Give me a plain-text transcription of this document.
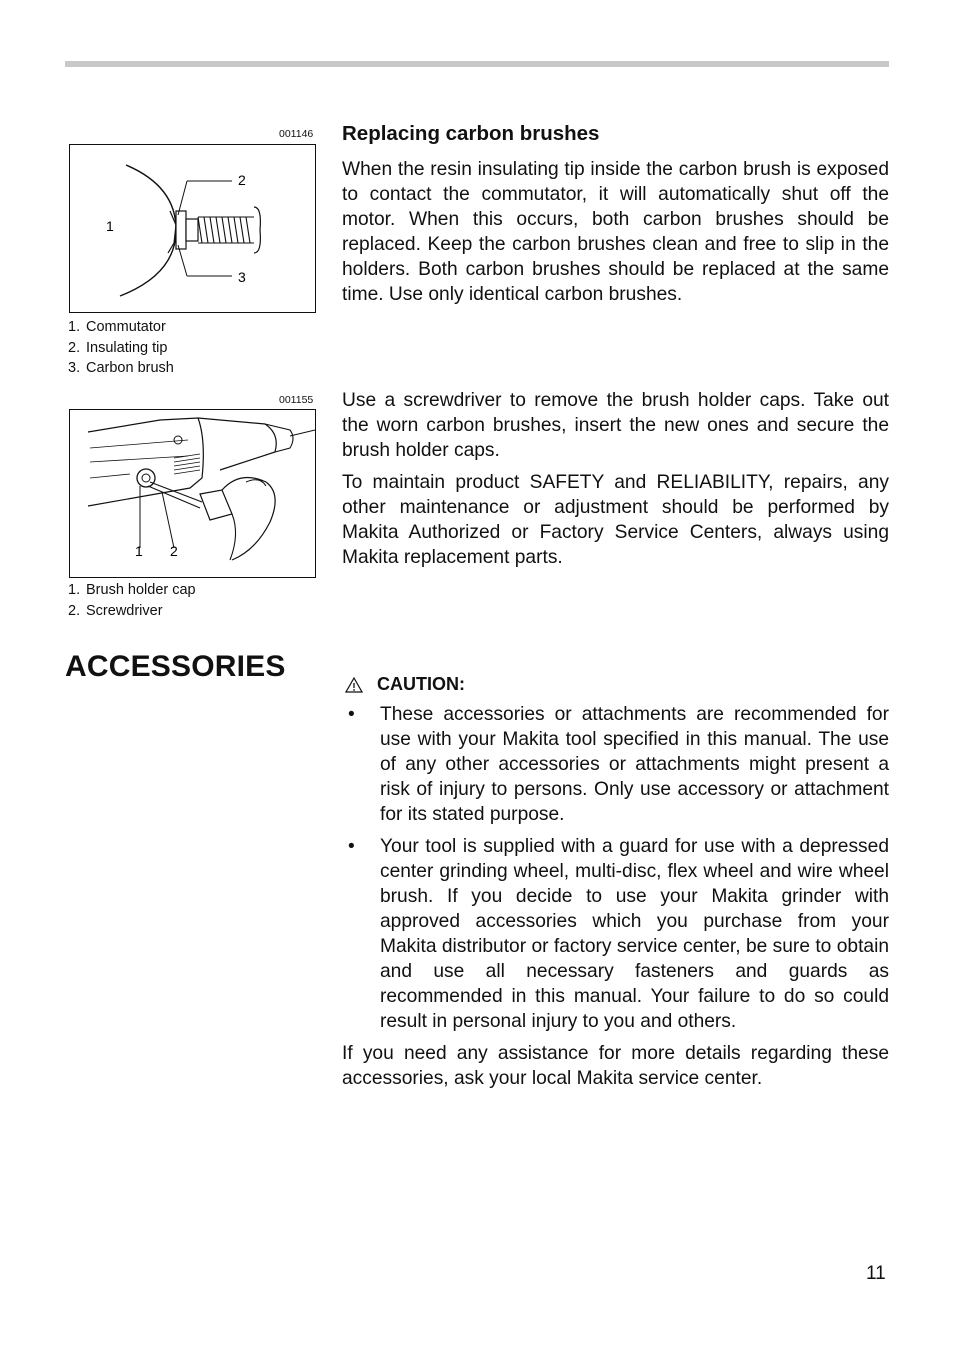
001146
2
3
1
1. Commutator
2. Insulating tip
3. Carbon brush
001155
1 2
1. Brush holder cap
2. Screwdriver
Replacing carbon brushes

When the resin insulating tip inside the carbon brush is exposed to contact the commutator, it will automatically shut off the motor. When this occurs, both carbon brushes should be replaced. Keep the carbon brushes clean and free to slip in the holders. Both carbon brushes should be replaced at the same time. Use only identical carbon brushes.

Use a screwdriver to remove the brush holder caps. Take out the worn carbon brushes, insert the new ones and secure the brush holder caps.

To maintain product SAFETY and RELIABILITY, repairs, any other maintenance or adjustment should be performed by Makita Authorized or Factory Service Centers, always using Makita replacement parts.

ACCESSORIES
CAUTION:
• These accessories or attachments are recommended for use with your Makita tool specified in this manual. The use of any other accessories or attachments might present a risk of injury to persons. Only use accessory or attachment for its stated purpose.
• Your tool is supplied with a guard for use with a depressed center grinding wheel, multi-disc, flex wheel and wire wheel brush. If you decide to use your Makita grinder with approved accessories which you purchase from your Makita distributor or factory service center, be sure to obtain and use all necessary fasteners and guards as recommended in this manual. Your failure to do so could result in personal injury to you and others.

If you need any assistance for more details regarding these accessories, ask your local Makita service center.

11
